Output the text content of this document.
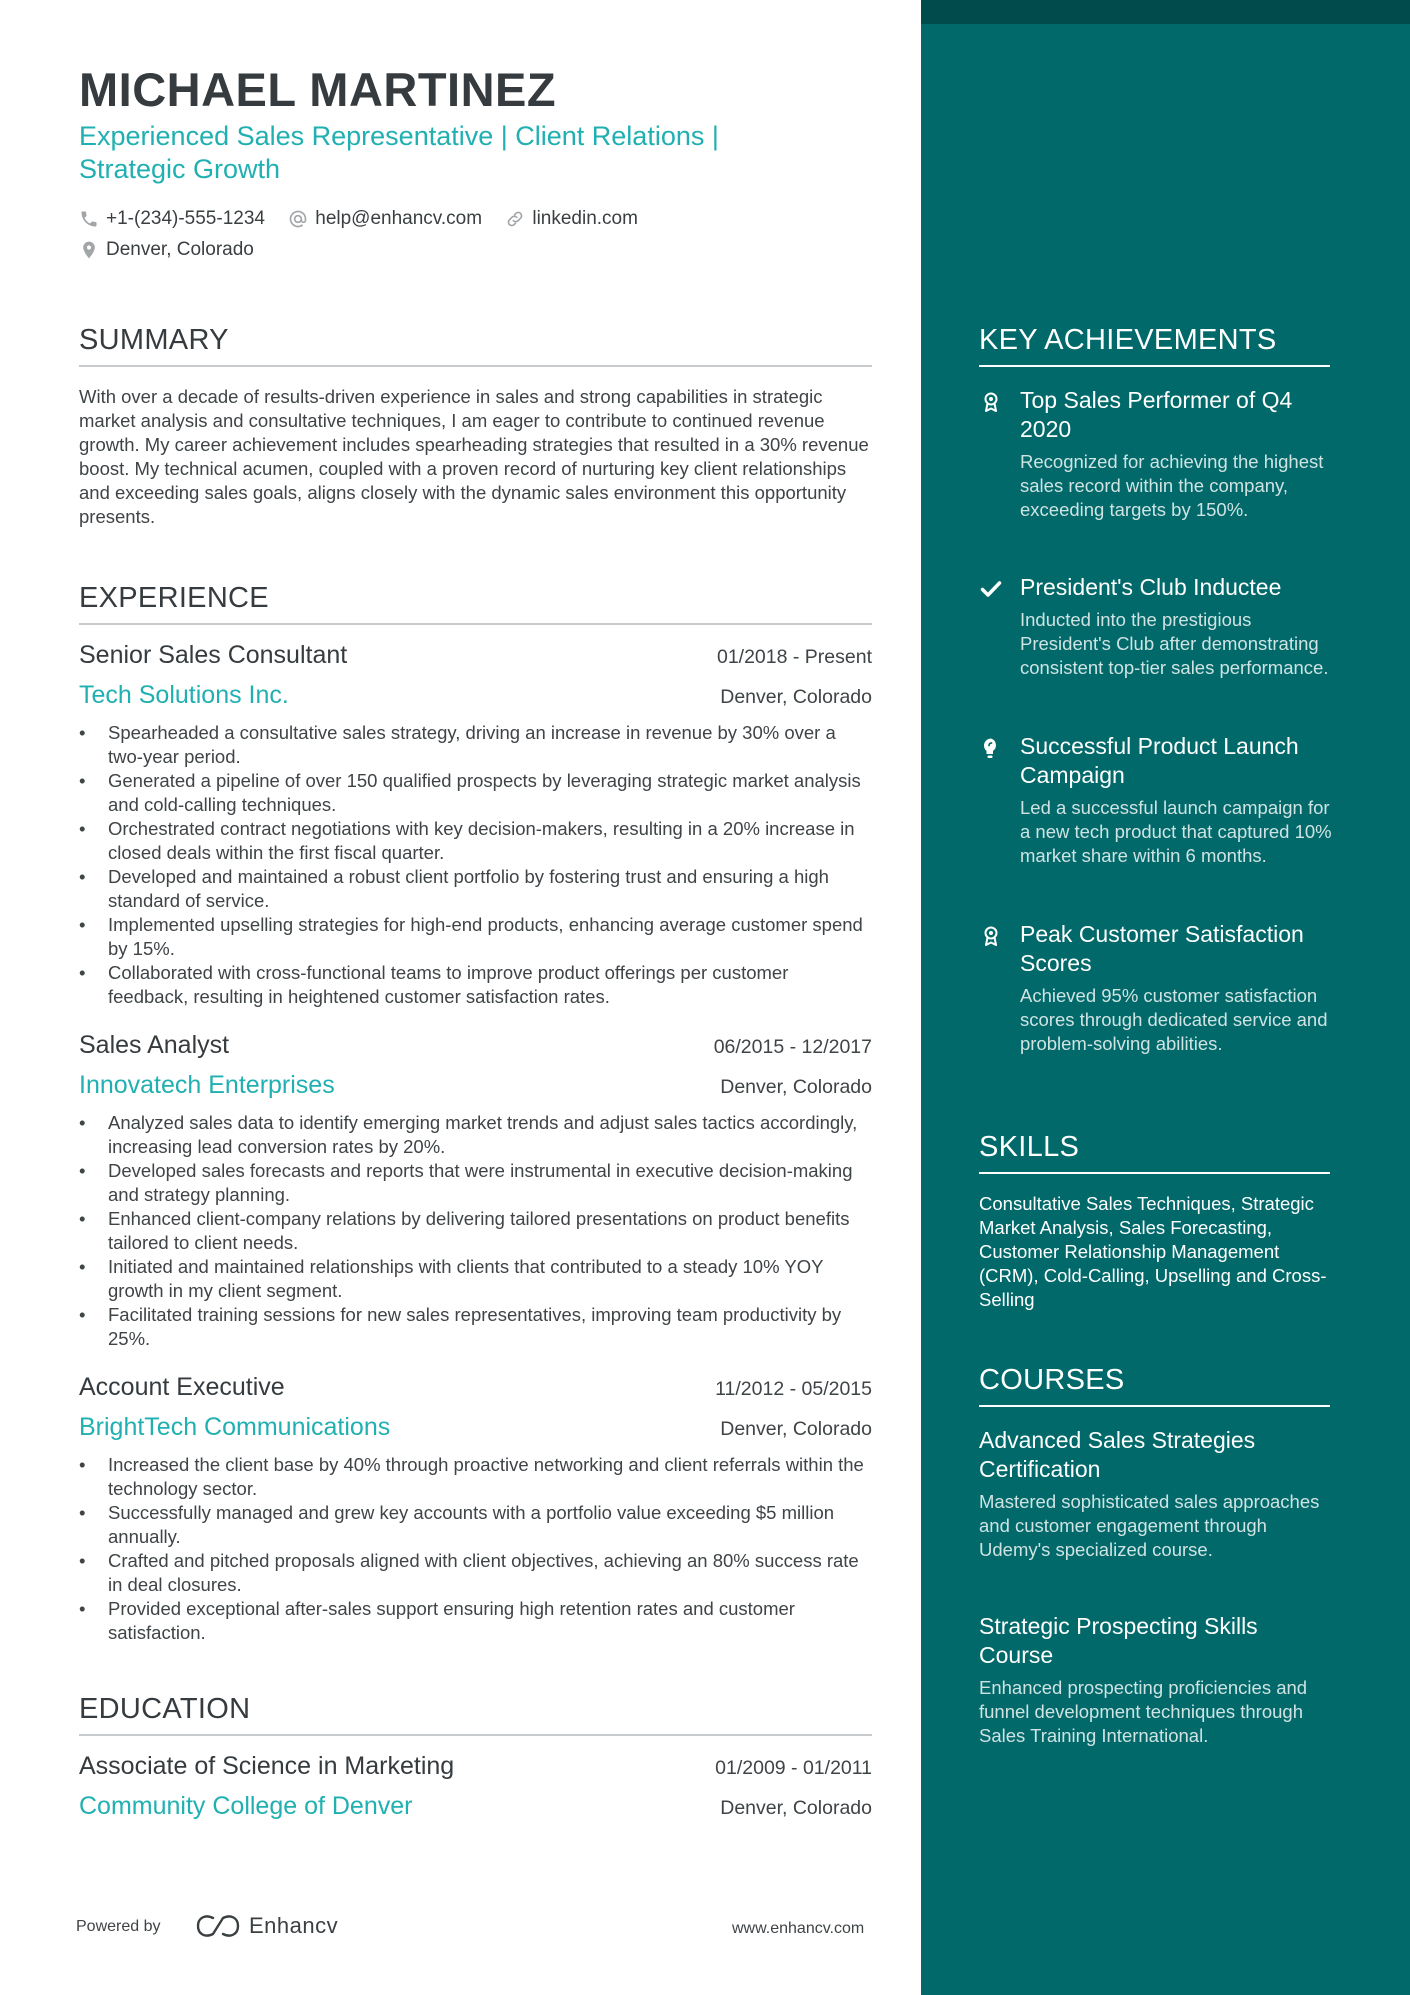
MICHAEL MARTINEZ
Experienced Sales Representative | Client Relations | Strategic Growth
+1-(234)-555-1234
	help@enhancv.com
	linkedin.com

Denver, Colorado
SUMMARY

With over a decade of results-driven experience in sales and strong capabilities in strategic market analysis and consultative techniques, I am eager to contribute to continued revenue growth. My career achievement includes spearheading strategies that resulted in a 30% revenue boost. My technical acumen, coupled with a proven record of nurturing key client relationships and exceeding sales goals, aligns closely with the dynamic sales environment this opportunity presents.

EXPERIENCE
Senior Sales Consultant	01/2018 - Present
Tech Solutions Inc.	Denver, Colorado
• Spearheaded a consultative sales strategy, driving an increase in revenue by 30% over a two-year period.
• Generated a pipeline of over 150 qualified prospects by leveraging strategic market analysis and cold-calling techniques.
• Orchestrated contract negotiations with key decision-makers, resulting in a 20% increase in closed deals within the first fiscal quarter.
• Developed and maintained a robust client portfolio by fostering trust and ensuring a high standard of service.
• Implemented upselling strategies for high-end products, enhancing average customer spend by 15%.
• Collaborated with cross-functional teams to improve product offerings per customer feedback, resulting in heightened customer satisfaction rates.
Sales Analyst	06/2015 - 12/2017
Innovatech Enterprises	Denver, Colorado
• Analyzed sales data to identify emerging market trends and adjust sales tactics accordingly, increasing lead conversion rates by 20%.
• Developed sales forecasts and reports that were instrumental in executive decision-making and strategy planning.
• Enhanced client-company relations by delivering tailored presentations on product benefits tailored to client needs.
• Initiated and maintained relationships with clients that contributed to a steady 10% YOY growth in my client segment.
• Facilitated training sessions for new sales representatives, improving team productivity by 25%.
Account Executive	11/2012 - 05/2015
BrightTech Communications	Denver, Colorado
• Increased the client base by 40% through proactive networking and client referrals within the technology sector.
• Successfully managed and grew key accounts with a portfolio value exceeding $5 million annually.
• Crafted and pitched proposals aligned with client objectives, achieving an 80% success rate in deal closures.
• Provided exceptional after-sales support ensuring high retention rates and customer satisfaction.
EDUCATION
Associate of Science in Marketing	01/2009 - 01/2011
Community College of Denver	Denver, Colorado
KEY ACHIEVEMENTS
Top Sales Performer of Q4 2020
Recognized for achieving the highest sales record within the company, exceeding targets by 150%.
President's Club Inductee
Inducted into the prestigious President's Club after demonstrating consistent top-tier sales performance.
Successful Product Launch Campaign
Led a successful launch campaign for a new tech product that captured 10% market share within 6 months.
Peak Customer Satisfaction Scores
Achieved 95% customer satisfaction scores through dedicated service and problem-solving abilities.
SKILLS

Consultative Sales Techniques, Strategic Market Analysis, Sales Forecasting, Customer Relationship Management (CRM), Cold-Calling, Upselling and Cross-Selling

COURSES
Advanced Sales Strategies Certification
Mastered sophisticated sales approaches and customer engagement through Udemy's specialized course.
Strategic Prospecting Skills Course
Enhanced prospecting proficiencies and funnel development techniques through Sales Training International.
Powered by	Enhancv	www.enhancv.com
